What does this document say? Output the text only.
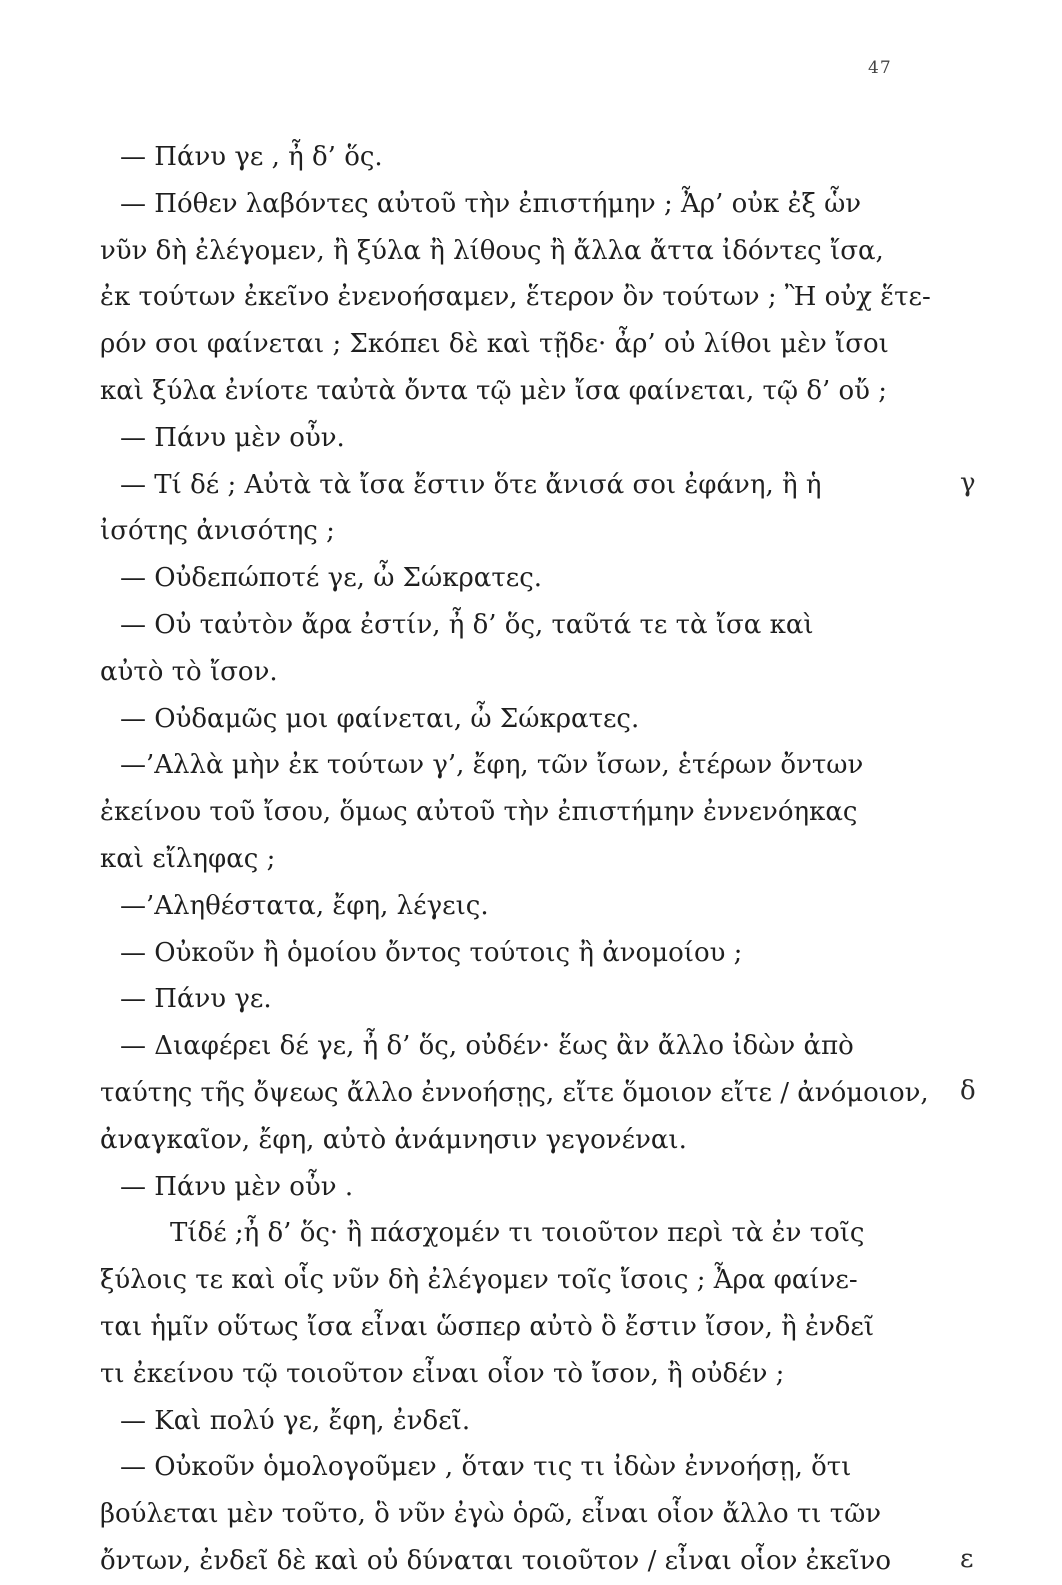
47
— Πάνυ γε , ἦ δ’ ὅς.
— Πόθεν λαβόντες αὐτοῦ τὴν ἐπιστήμην ; Ἆρ’ οὐκ ἐξ ὧν
νῦν δὴ ἐλέγομεν, ἢ ξύλα ἢ λίθους ἢ ἄλλα ἄττα ἰδόντες ἴσα,
ἐκ τούτων ἐκεῖνο ἐνενοήσαμεν, ἕτερον ὂν τούτων ; Ἢ οὐχ ἕτε-
ρόν σοι φαίνεται ; Σκόπει δὲ καὶ τῇδε· ἆρ’ οὐ λίθοι μὲν ἴσοι
καὶ ξύλα ἐνίοτε ταὐτὰ ὄντα τῷ μὲν ἴσα φαίνεται, τῷ δ’ οὔ ;
— Πάνυ μὲν οὖν.
— Τί δέ ; Αὐτὰ τὰ ἴσα ἔστιν ὅτε ἄνισά σοι ἐφάνη, ἢ ἡ
ἰσότης ἀνισότης ;
— Οὐδεπώποτέ γε, ὦ Σώκρατες.
— Οὐ ταὐτὸν ἄρα ἐστίν, ἦ δ’ ὅς, ταῦτά τε τὰ ἴσα καὶ
αὐτὸ τὸ ἴσον.
— Οὐδαμῶς μοι φαίνεται, ὦ Σώκρατες.
—’Αλλὰ μὴν ἐκ τούτων γ’, ἔφη, τῶν ἴσων, ἑτέρων ὄντων
ἐκείνου τοῦ ἴσου, ὅμως αὐτοῦ τὴν ἐπιστήμην ἐννενόηκας
καὶ εἴληφας ;
—’Αληθέστατα, ἔφη, λέγεις.
— Οὐκοῦν ἢ ὁμοίου ὄντος τούτοις ἢ ἀνομοίου ;
— Πάνυ γε.
— Διαφέρει δέ γε, ἦ δ’ ὅς, οὐδέν· ἕως ἂν ἄλλο ἰδὼν ἀπὸ
ταύτης τῆς ὄψεως ἄλλο ἐννοήσῃς, εἴτε ὅμοιον εἴτε / ἀνόμοιον,
ἀναγκαῖον, ἔφη, αὐτὸ ἀνάμνησιν γεγονέναι.
— Πάνυ μὲν οὖν .
Τίδέ ;ἦ δ’ ὅς· ἢ πάσχομέν τι τοιοῦτον περὶ τὰ ἐν τοῖς
ξύλοις τε καὶ οἷς νῦν δὴ ἐλέγομεν τοῖς ἴσοις ; Ἆρα φαίνε-
ται ἡμῖν οὕτως ἴσα εἶναι ὥσπερ αὐτὸ ὃ ἔστιν ἴσον, ἢ ἐνδεῖ
τι ἐκείνου τῷ τοιοῦτον εἶναι οἷον τὸ ἴσον, ἢ οὐδέν ;
— Καὶ πολύ γε, ἔφη, ἐνδεῖ.
— Οὐκοῦν ὁμολογοῦμεν , ὅταν τις τι ἰδὼν ἐννοήσῃ, ὅτι
βούλεται μὲν τοῦτο, ὃ νῦν ἐγὼ ὁρῶ, εἶναι οἷον ἄλλο τι τῶν
ὄντων, ἐνδεῖ δὲ καὶ οὐ δύναται τοιοῦτον / εἶναι οἷον ἐκεῖνο
γ
δ
ε
